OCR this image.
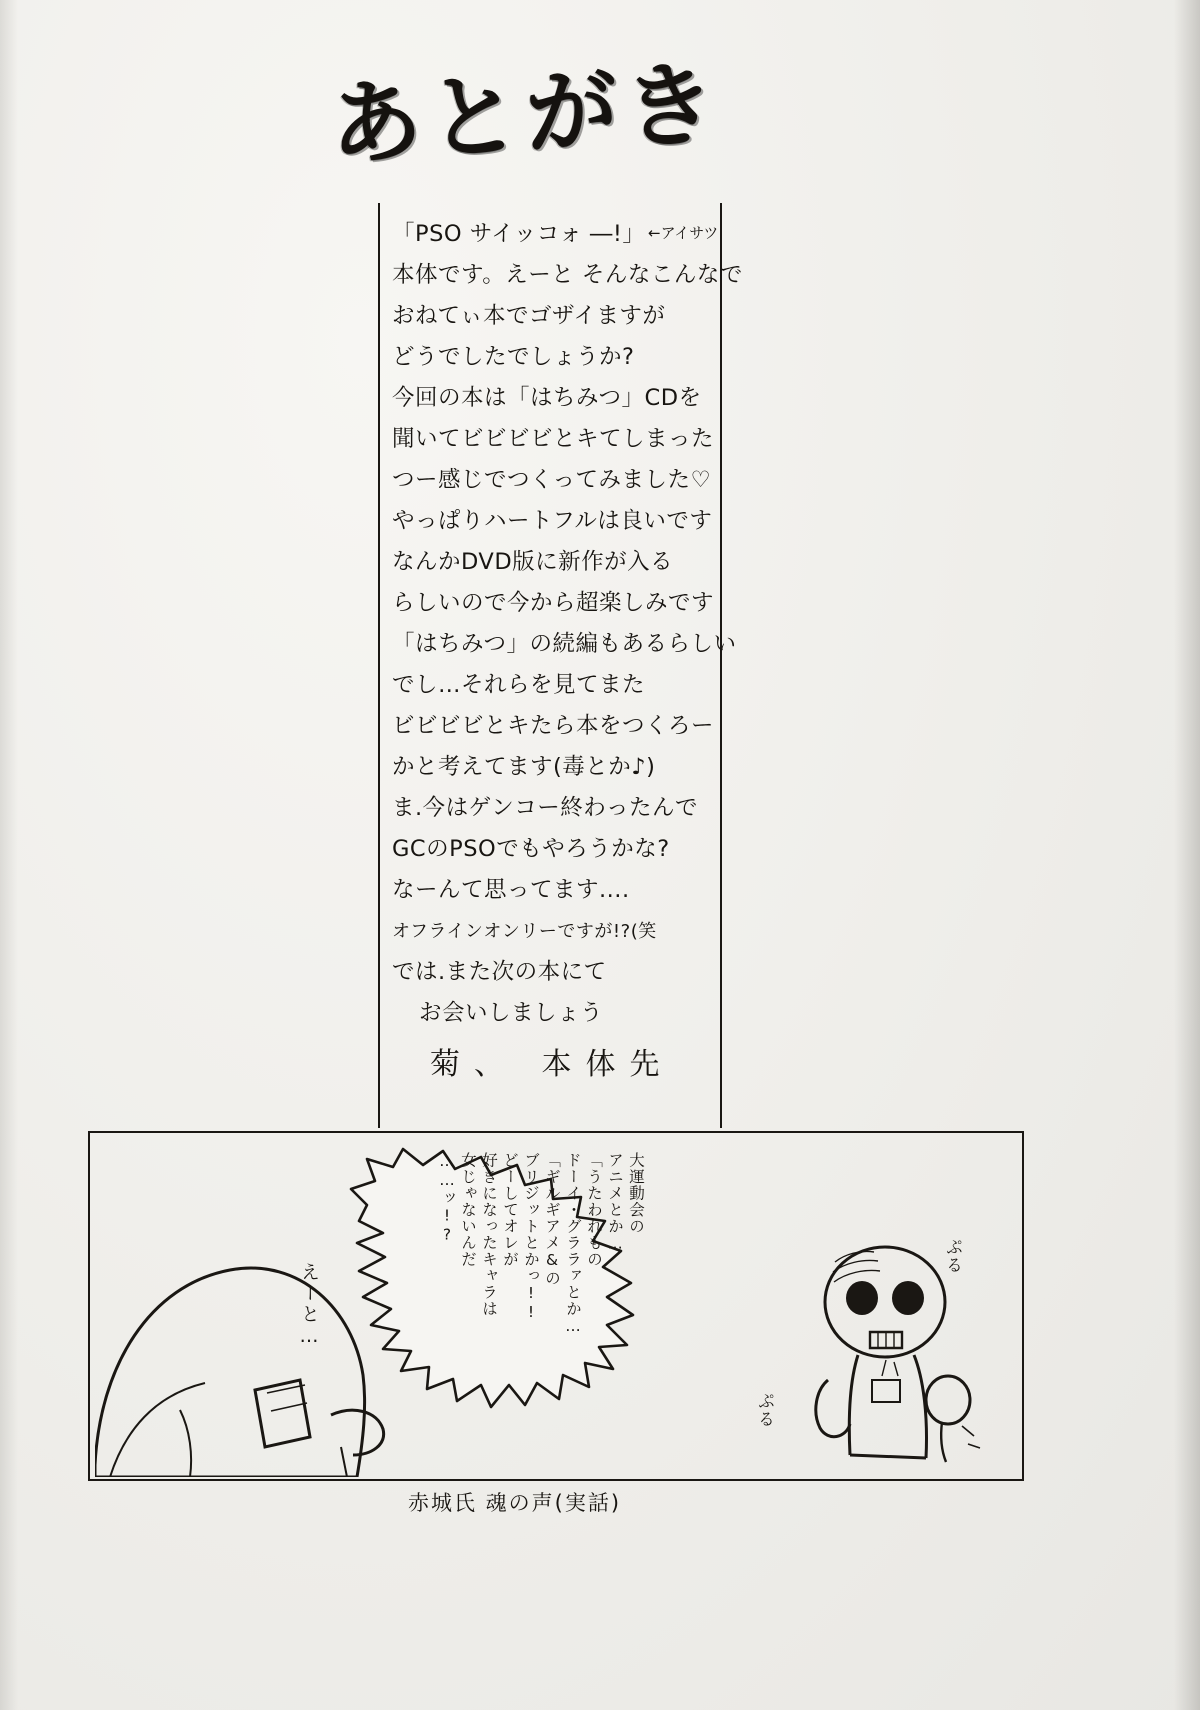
あとがき
←アイサツ
「PSO サイッコォ ―!」
本体です。えーと そんなこんなで
おねてぃ本でゴザイますが
どうでしたでしょうか?
今回の本は「はちみつ」CDを
聞いてビビビビとキてしまった
つー感じでつくってみました♡
やっぱりハートフルは良いです
なんかDVD版に新作が入る
らしいので今から超楽しみです
「はちみつ」の続編もあるらしい
でし…それらを見てまた
ビビビビとキたら本をつくろー
かと考えてます(毒とか♪)
ま.今はゲンコー終わったんで
GCのPSOでもやろうかな?
なーんて思ってます....
オフラインオンリーですが!?(笑
では.また次の本にて
　お会いしましょう
菊、 本体先
大運動会の
アニメとか…
「うたわれもの
ドーイ・グララァとか…
「ギルギアメ&の
ブリジットとかっ!!
どーしてオレが
好きになったキャラは
女じゃないんだ
……ッ!?
えーと…
ぷる
ぷる
赤城氏 魂の声(実話)
